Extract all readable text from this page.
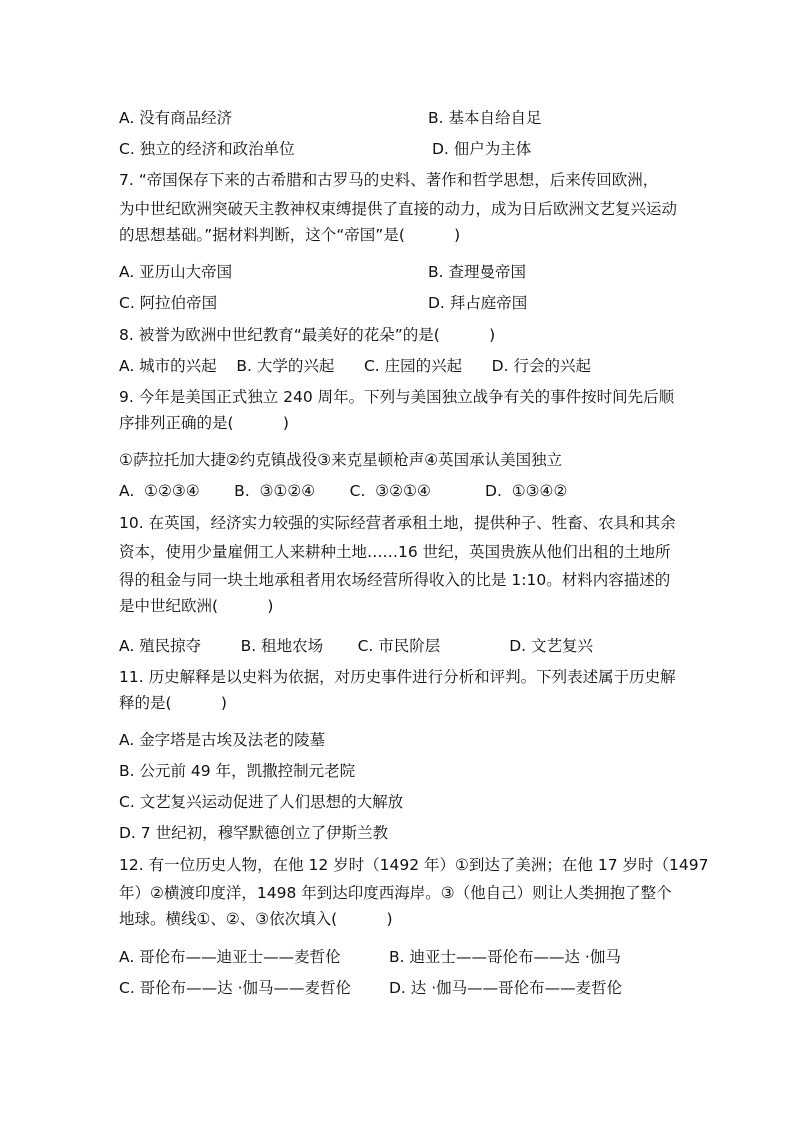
A. 没有商品经济	B. 基本自给自足
C. 独立的经济和政治单位	D. 佃户为主体
7. “帝国保存下来的古希腊和古罗马的史料、著作和哲学思想，后来传回欧洲，
为中世纪欧洲突破天主教神权束缚提供了直接的动力，成为日后欧洲文艺复兴运动
的思想基础。”据材料判断，这个“帝国”是(          )
A. 亚历山大帝国	B. 查理曼帝国
C. 阿拉伯帝国	D. 拜占庭帝国
8. 被誉为欧洲中世纪教育“最美好的花朵”的是(          )
A. 城市的兴起    B. 大学的兴起      C. 庄园的兴起      D. 行会的兴起
9. 今年是美国正式独立 240 周年。下列与美国独立战争有关的事件按时间先后顺
序排列正确的是(          )
①萨拉托加大捷②约克镇战役③来克星顿枪声④英国承认美国独立
A.  ①②③④       B.  ③①②④       C.  ③②①④           D.  ①③④②
10. 在英国，经济实力较强的实际经营者承租土地，提供种子、牲畜、农具和其余
资本，使用少量雇佣工人来耕种土地……16 世纪，英国贵族从他们出租的土地所
得的租金与同一块土地承租者用农场经营所得收入的比是 1:10。材料内容描述的
是中世纪欧洲(          )
A. 殖民掠夺        B. 租地农场       C. 市民阶层              D. 文艺复兴
11. 历史解释是以史料为依据，对历史事件进行分析和评判。下列表述属于历史解
释的是(          )
A. 金字塔是古埃及法老的陵墓
B. 公元前 49 年，凯撒控制元老院
C. 文艺复兴运动促进了人们思想的大解放
D. 7 世纪初，穆罕默德创立了伊斯兰教
12. 有一位历史人物，在他 12 岁时（1492 年）①到达了美洲；在他 17 岁时（1497
年）②横渡印度洋，1498 年到达印度西海岸。③（他自己）则让人类拥抱了整个
地球。横线①、②、③依次填入(          )
A. 哥伦布——迪亚士——麦哲伦	B. 迪亚士——哥伦布——达 ·伽马
C. 哥伦布——达 ·伽马——麦哲伦 D. 达 ·伽马——哥伦布——麦哲伦
